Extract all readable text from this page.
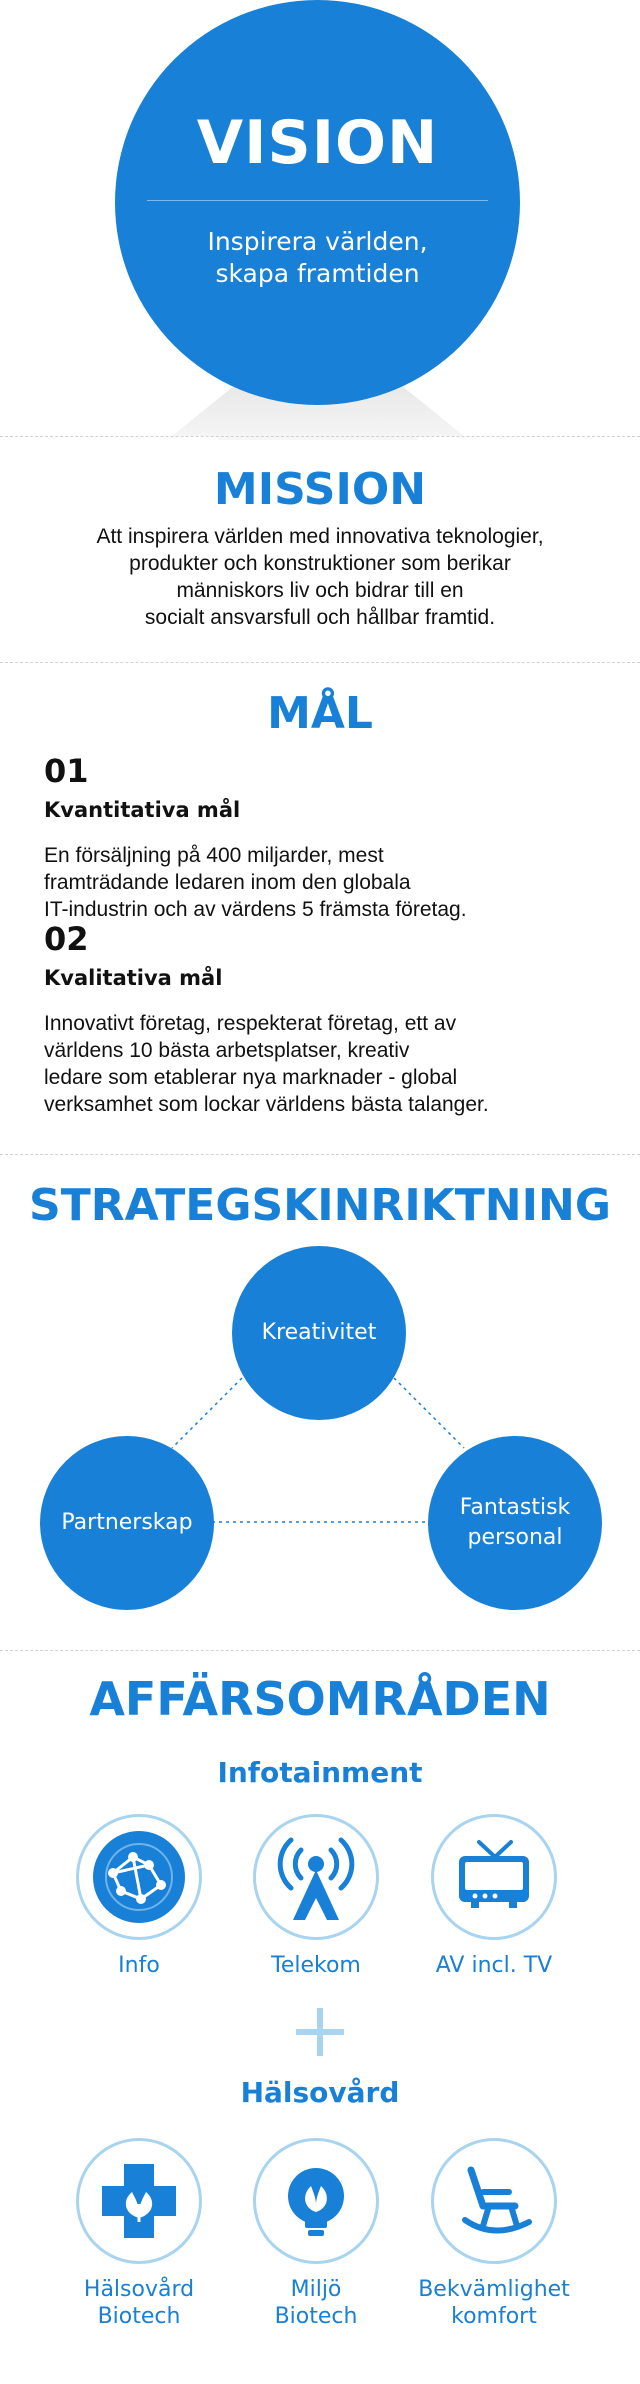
VISION
Inspirera världen,
skapa framtiden
MISSION
Att inspirera världen med innovativa teknologier,
produkter och konstruktioner som berikar
människors liv och bidrar till en
socialt ansvarsfull och hållbar framtid.
MÅL
01
Kvantitativa mål
En försäljning på 400 miljarder, mest
framträdande ledaren inom den globala
IT-industrin och av värdens 5 främsta företag.
02
Kvalitativa mål
Innovativt företag, respekterat företag, ett av
världens 10 bästa arbetsplatser, kreativ
ledare som etablerar nya marknader - global
verksamhet som lockar världens bästa talanger.
STRATEGSKINRIKTNING
Kreativitet
Partnerskap
Fantastisk
personal
AFFÄRSOMRÅDEN
Infotainment
Info	Telekom	AV incl. TV
Hälsovård
Hälsovård
Biotech
Miljö
Biotech
Bekvämlighet
komfort
